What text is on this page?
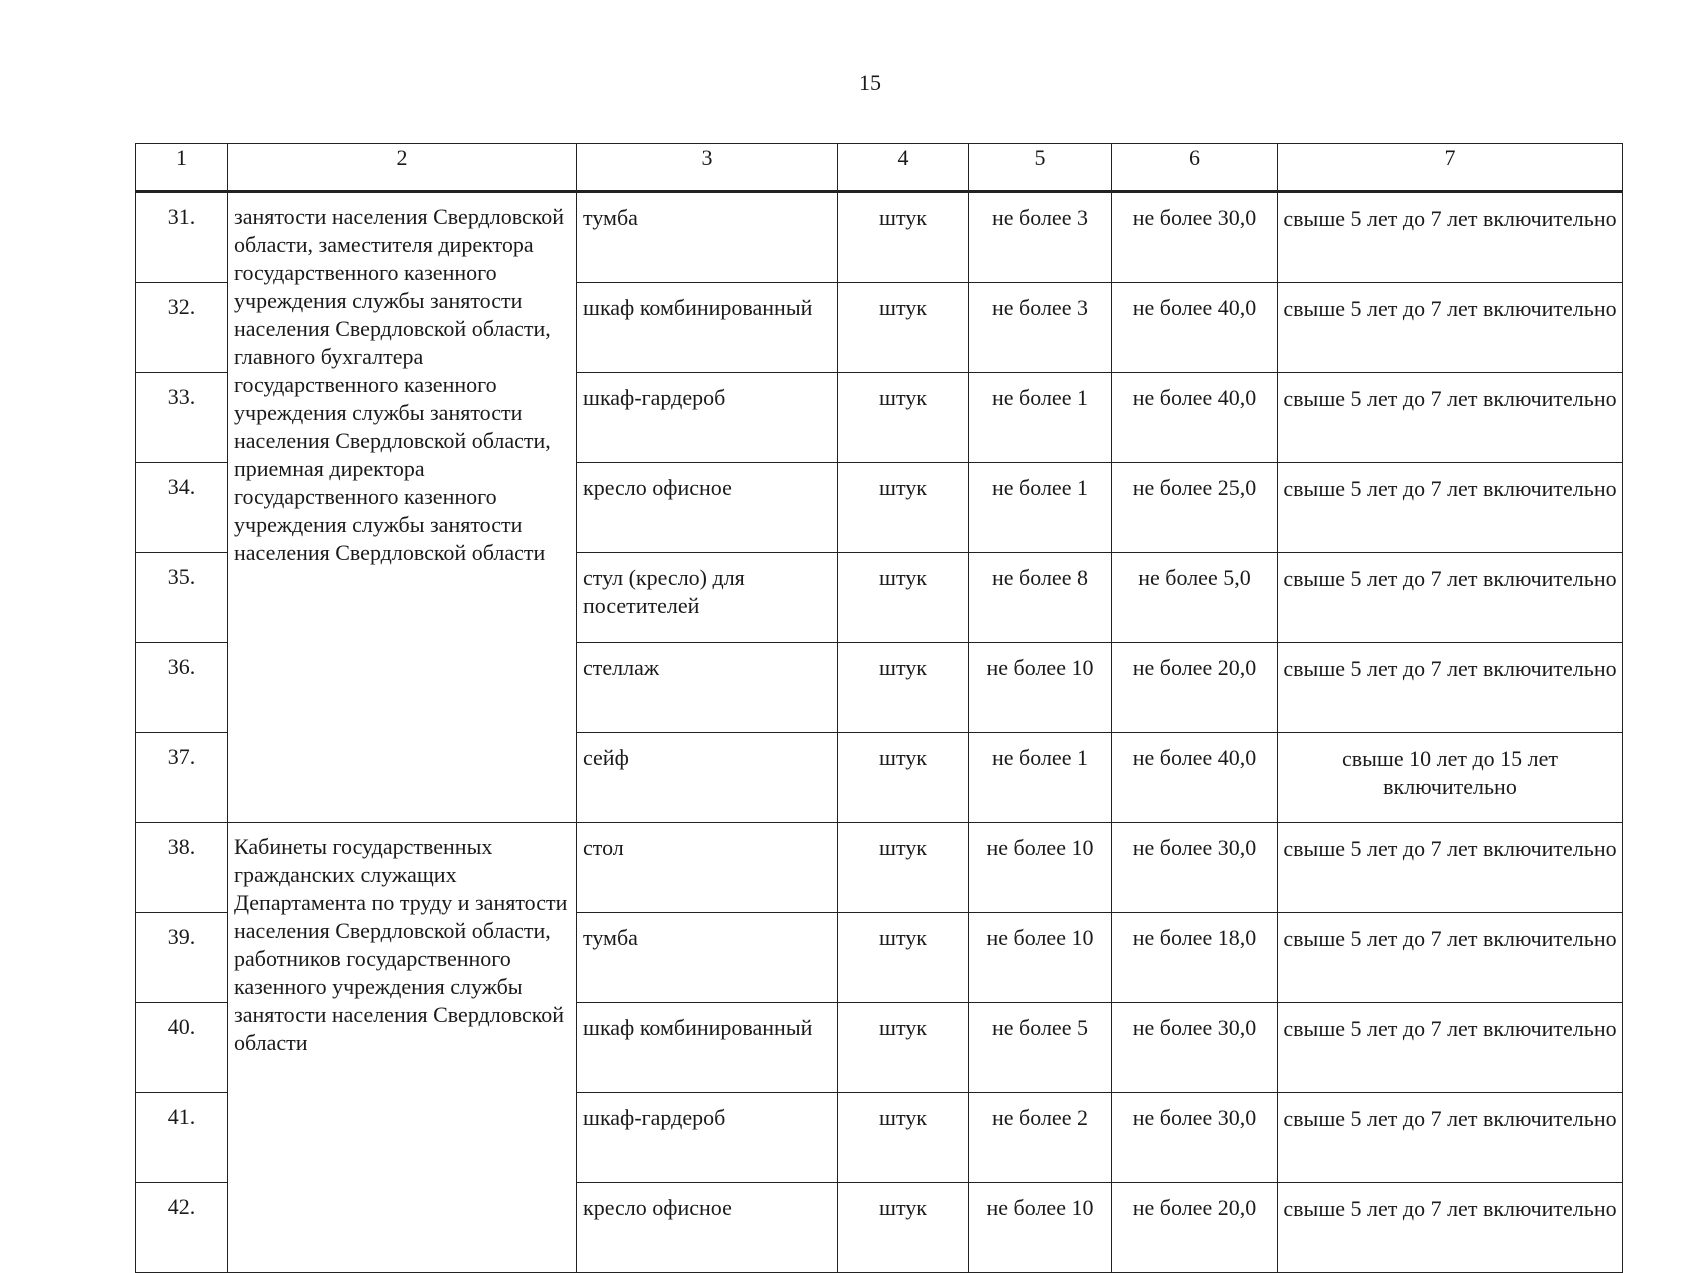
15
1	2	3	4	5	6	7
31.	занятости населения Свердловской области, заместителя директора государственного казенного учреждения службы занятости населения Свердловской области, главного бухгалтера государственного казенного учреждения службы занятости населения Свердловской области, приемная директора государственного казенного учреждения службы занятости населения Свердловской области	тумба	штук	не более 3	не более 30,0	свыше 5 лет до 7 лет включительно
32.		шкаф комбинированный	штук	не более 3	не более 40,0	свыше 5 лет до 7 лет включительно
33.		шкаф-гардероб	штук	не более 1	не более 40,0	свыше 5 лет до 7 лет включительно
34.		кресло офисное	штук	не более 1	не более 25,0	свыше 5 лет до 7 лет включительно
35.		стул (кресло) для посетителей	штук	не более 8	не более 5,0	свыше 5 лет до 7 лет включительно
36.		стеллаж	штук	не более 10	не более 20,0	свыше 5 лет до 7 лет включительно
37.		сейф	штук	не более 1	не более 40,0	свыше 10 лет до 15 лет включительно
38.	Кабинеты государственных гражданских служащих Департамента по труду и занятости населения Свердловской области, работников государственного казенного учреждения службы занятости населения Свердловской области	стол	штук	не более 10	не более 30,0	свыше 5 лет до 7 лет включительно
39.		тумба	штук	не более 10	не более 18,0	свыше 5 лет до 7 лет включительно
40.		шкаф комбинированный	штук	не более 5	не более 30,0	свыше 5 лет до 7 лет включительно
41.		шкаф-гардероб	штук	не более 2	не более 30,0	свыше 5 лет до 7 лет включительно
42.		кресло офисное	штук	не более 10	не более 20,0	свыше 5 лет до 7 лет включительно
